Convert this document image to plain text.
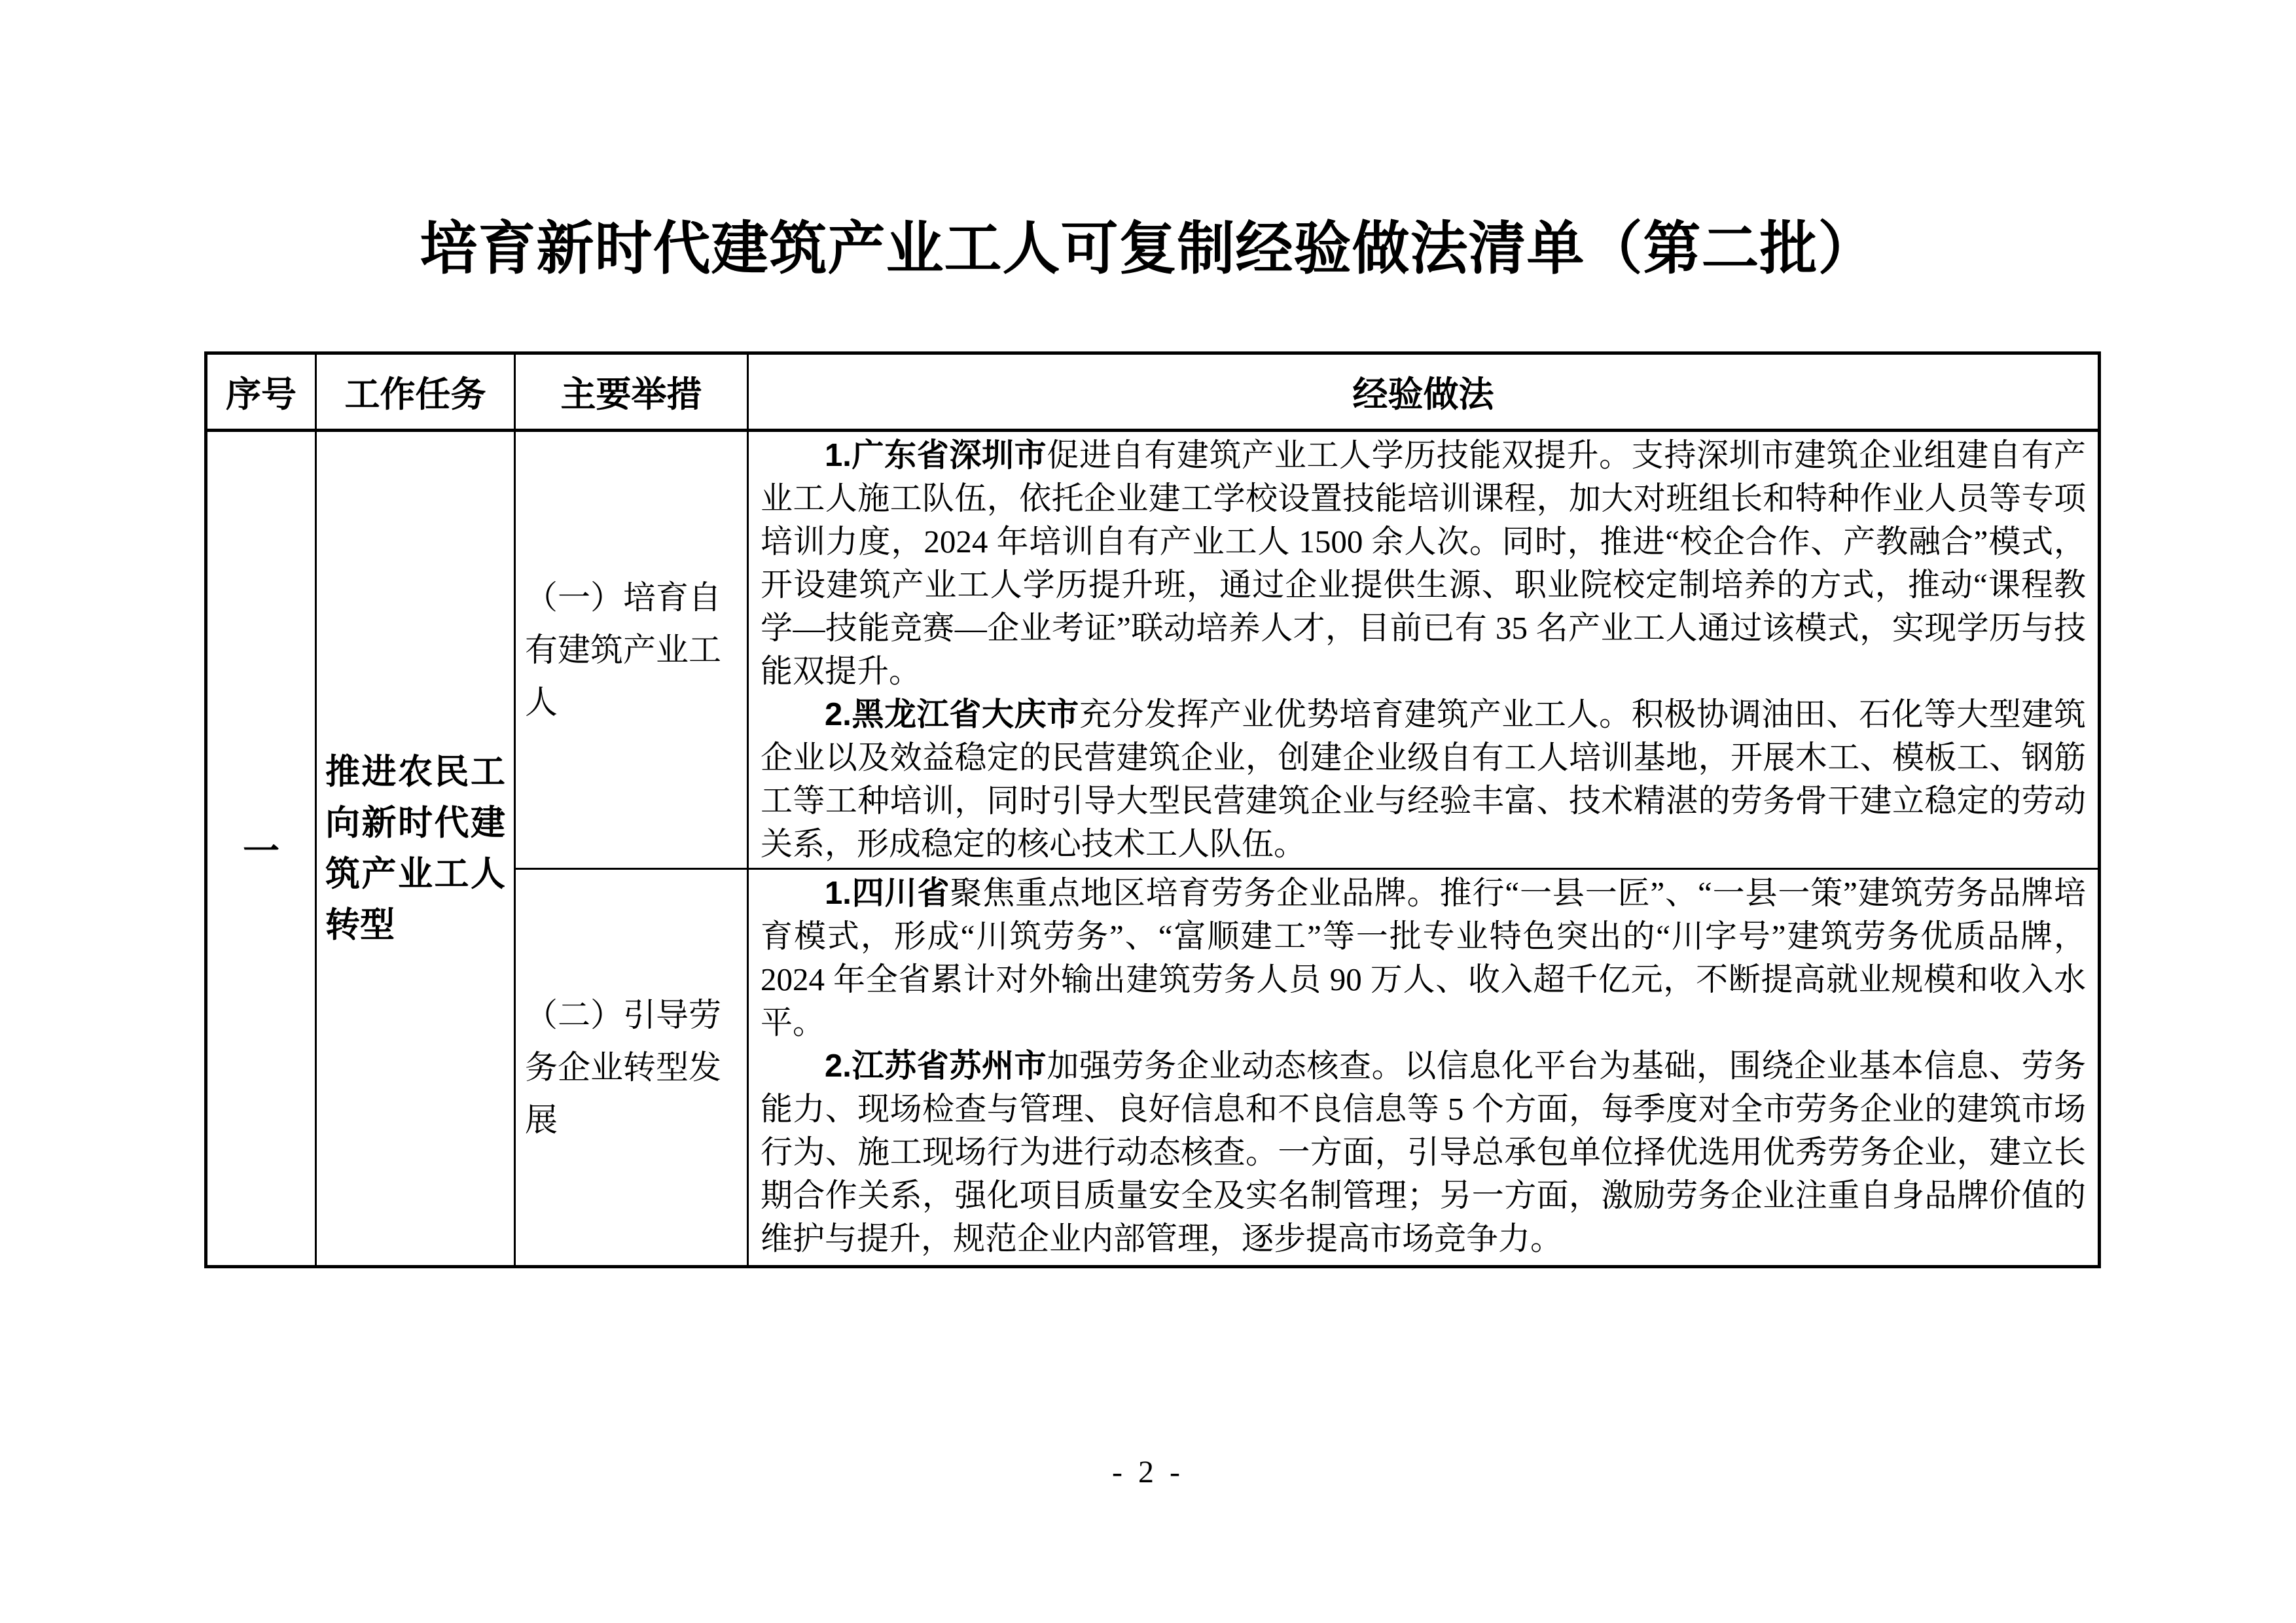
培育新时代建筑产业工人可复制经验做法清单（第二批）
序号	工作任务	主要举措	经验做法
一	推进农民工向新时代建筑产业工人转型	（一）培育自有建筑产业工人	1.广东省深圳市促进自有建筑产业工人学历技能双提升。支持深圳市建筑企业组建自有产业工人施工队伍，依托企业建工学校设置技能培训课程，加大对班组长和特种作业人员等专项培训力度，2024 年培训自有产业工人 1500 余人次。同时，推进“校企合作、产教融合”模式，开设建筑产业工人学历提升班，通过企业提供生源、职业院校定制培养的方式，推动“课程教学—技能竞赛—企业考证”联动培养人才，目前已有 35 名产业工人通过该模式，实现学历与技能双提升。

2.黑龙江省大庆市充分发挥产业优势培育建筑产业工人。积极协调油田、石化等大型建筑企业以及效益稳定的民营建筑企业，创建企业级自有工人培训基地，开展木工、模板工、钢筋工等工种培训，同时引导大型民营建筑企业与经验丰富、技术精湛的劳务骨干建立稳定的劳动关系，形成稳定的核心技术工人队伍。

		（二）引导劳务企业转型发展	1.四川省聚焦重点地区培育劳务企业品牌。推行“一县一匠”、“一县一策”建筑劳务品牌培育模式，形成“川筑劳务”、“富顺建工”等一批专业特色突出的“川字号”建筑劳务优质品牌，2024 年全省累计对外输出建筑劳务人员 90 万人、收入超千亿元，不断提高就业规模和收入水平。

2.江苏省苏州市加强劳务企业动态核查。以信息化平台为基础，围绕企业基本信息、劳务能力、现场检查与管理、良好信息和不良信息等 5 个方面，每季度对全市劳务企业的建筑市场行为、施工现场行为进行动态核查。一方面，引导总承包单位择优选用优秀劳务企业，建立长期合作关系，强化项目质量安全及实名制管理；另一方面，激励劳务企业注重自身品牌价值的维护与提升，规范企业内部管理，逐步提高市场竞争力。

- 2 -
